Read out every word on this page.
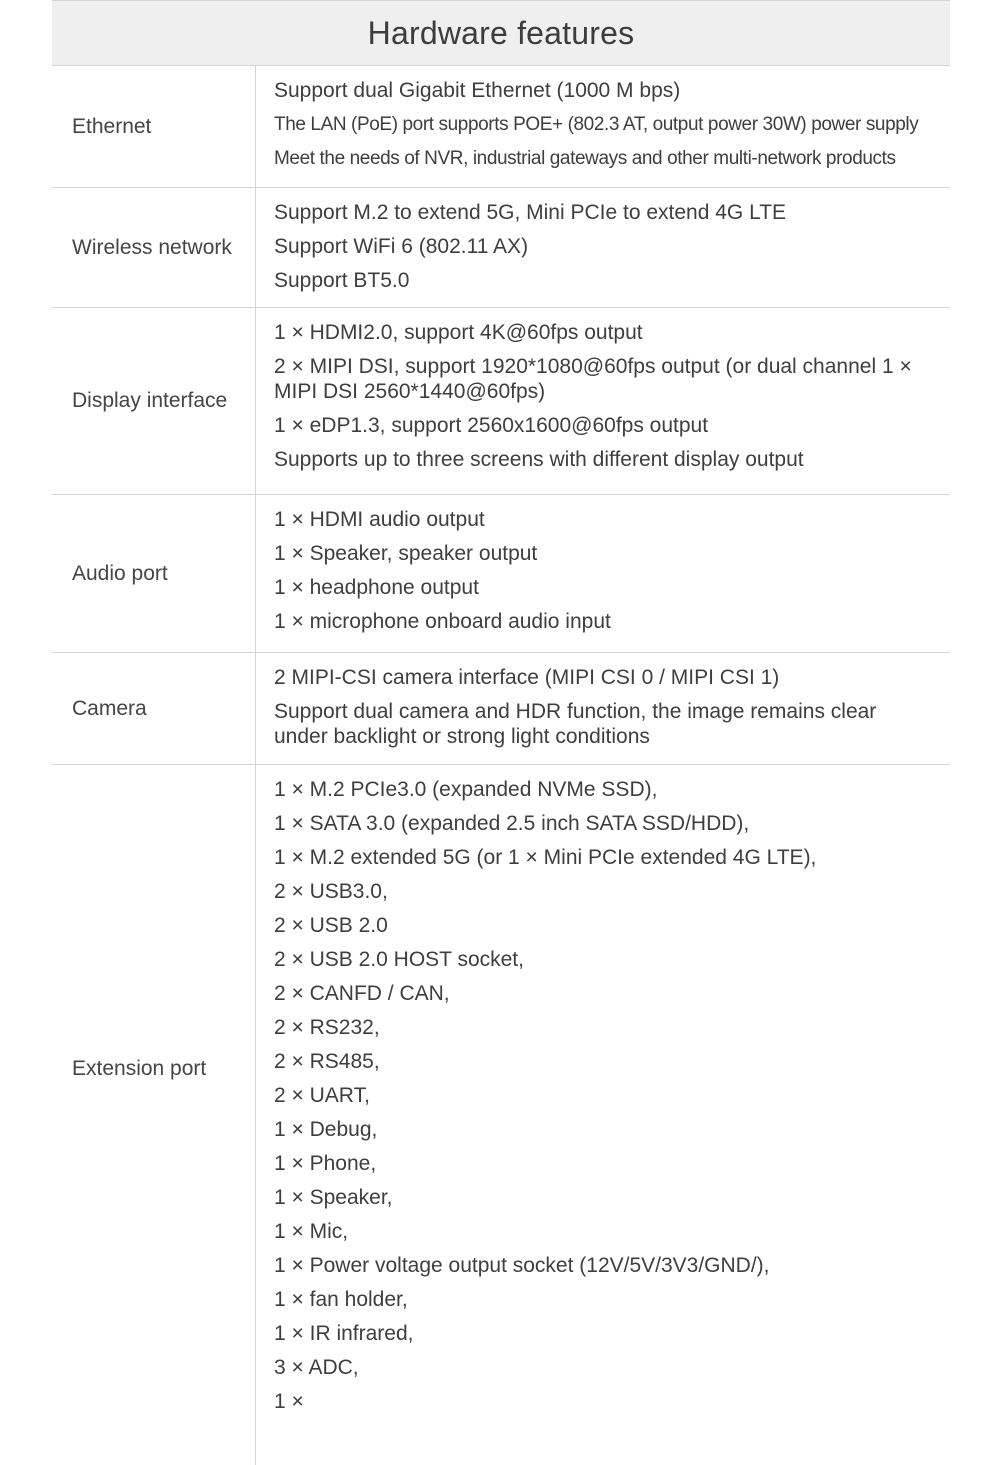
Hardware features
Ethernet
Support dual Gigabit Ethernet (1000 M bps)
The LAN (PoE) port supports POE+ (802.3 AT, output power 30W) power supply
Meet the needs of NVR, industrial gateways and other multi-network products
Wireless network
Support M.2 to extend 5G, Mini PCIe to extend 4G LTE
Support WiFi 6 (802.11 AX)
Support BT5.0
Display interface
1 × HDMI2.0, support 4K@60fps output
2 × MIPI DSI, support 1920*1080@60fps output (or dual channel 1 × MIPI DSI 2560*1440@60fps)
1 × eDP1.3, support 2560x1600@60fps output
Supports up to three screens with different display output
Audio port
1 × HDMI audio output
1 × Speaker, speaker output
1 × headphone output
1 × microphone onboard audio input
Camera
2 MIPI-CSI camera interface (MIPI CSI 0 / MIPI CSI 1)
Support dual camera and HDR function, the image remains clear under backlight or strong light conditions
Extension port
1 × M.2 PCIe3.0 (expanded NVMe SSD),
1 × SATA 3.0 (expanded 2.5 inch SATA SSD/HDD),
1 × M.2 extended 5G (or 1 × Mini PCIe extended 4G LTE),
2 × USB3.0,
2 × USB 2.0
2 × USB 2.0 HOST socket,
2 × CANFD / CAN,
2 × RS232,
2 × RS485,
2 × UART,
1 × Debug,
1 × Phone,
1 × Speaker,
1 × Mic,
1 × Power voltage output socket (12V/5V/3V3/GND/),
1 × fan holder,
1 × IR infrared,
3 × ADC,
1 ×
